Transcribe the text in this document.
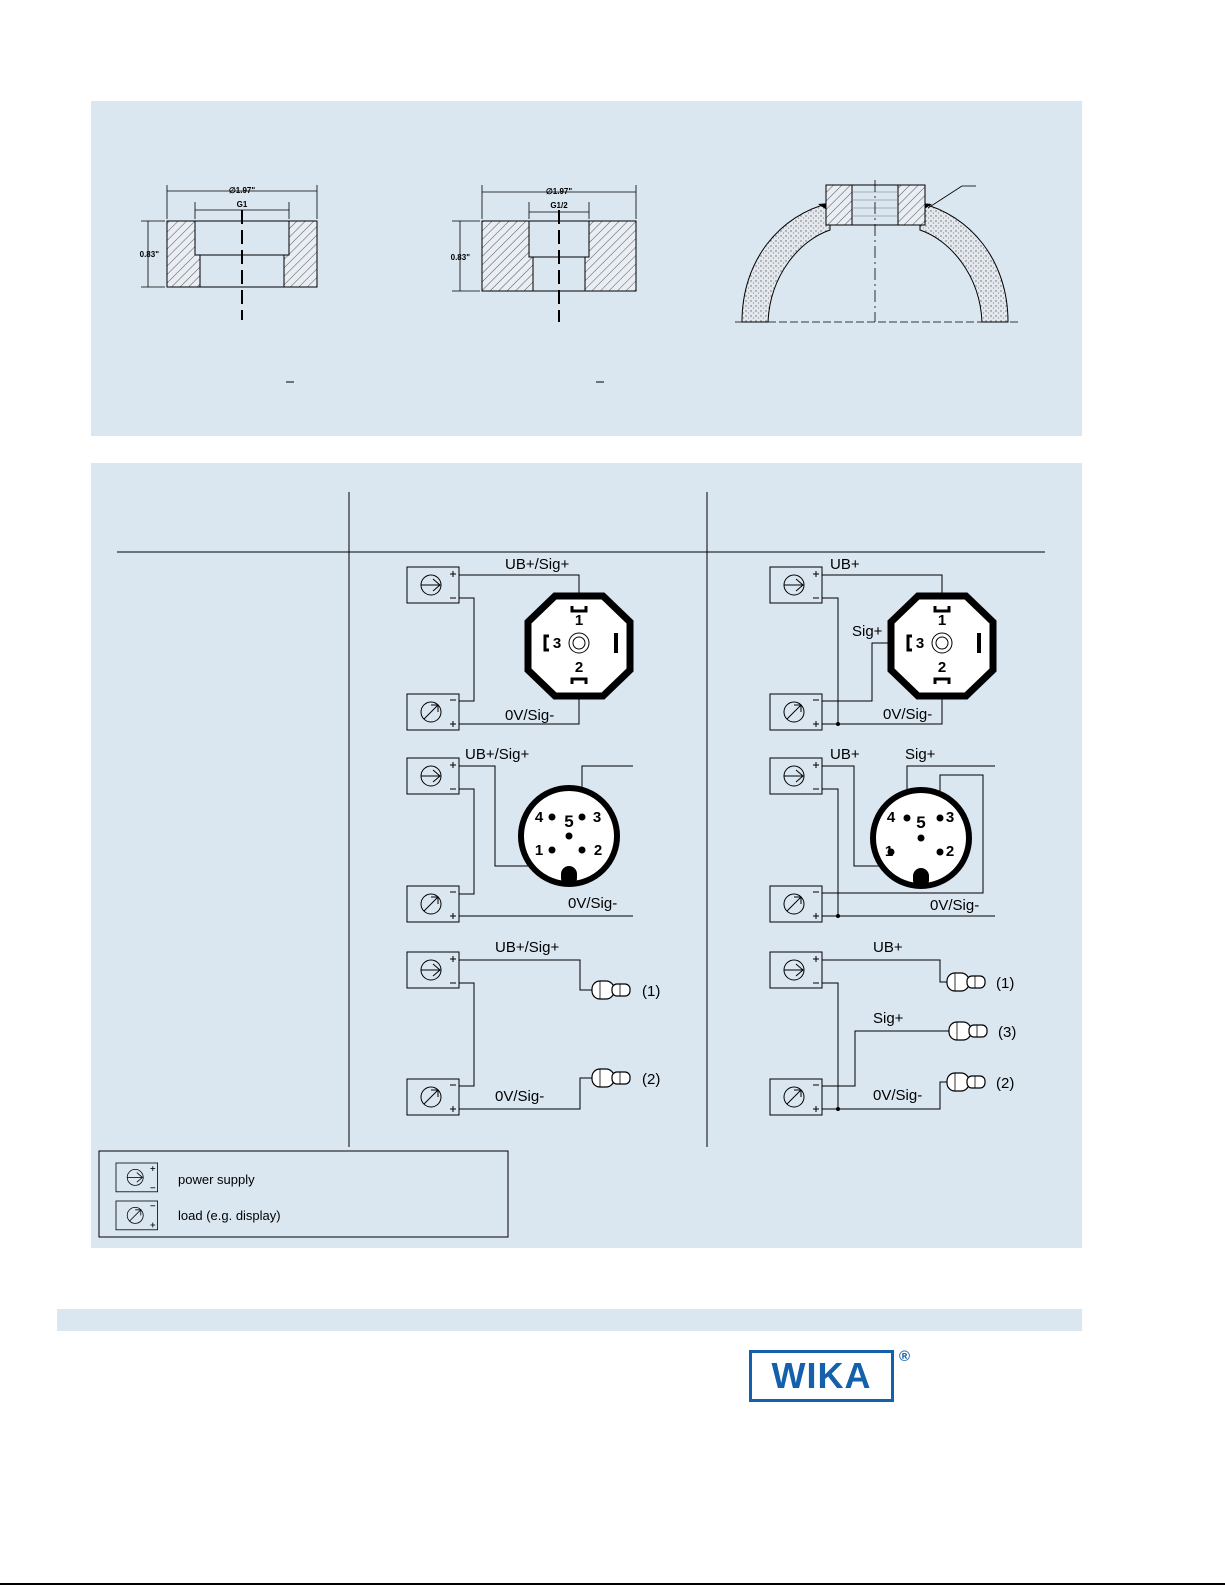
∅1.97"
G1
0.83"
∅1.97"
G1/2
0.83"
1
2
3
UB+/Sig+
0V/Sig-
1	2
3
4 5
UB+/Sig+
0V/Sig-
(1)
(2)
UB+/Sig+
0V/Sig-
1
2
3
UB+
Sig+
0V/Sig-
1	2
3
4 5
UB+	Sig+
0V/Sig-
(1)
(3)
(2)
UB+
Sig+
0V/Sig-
power supply
load (e.g. display)
WIKA	®
